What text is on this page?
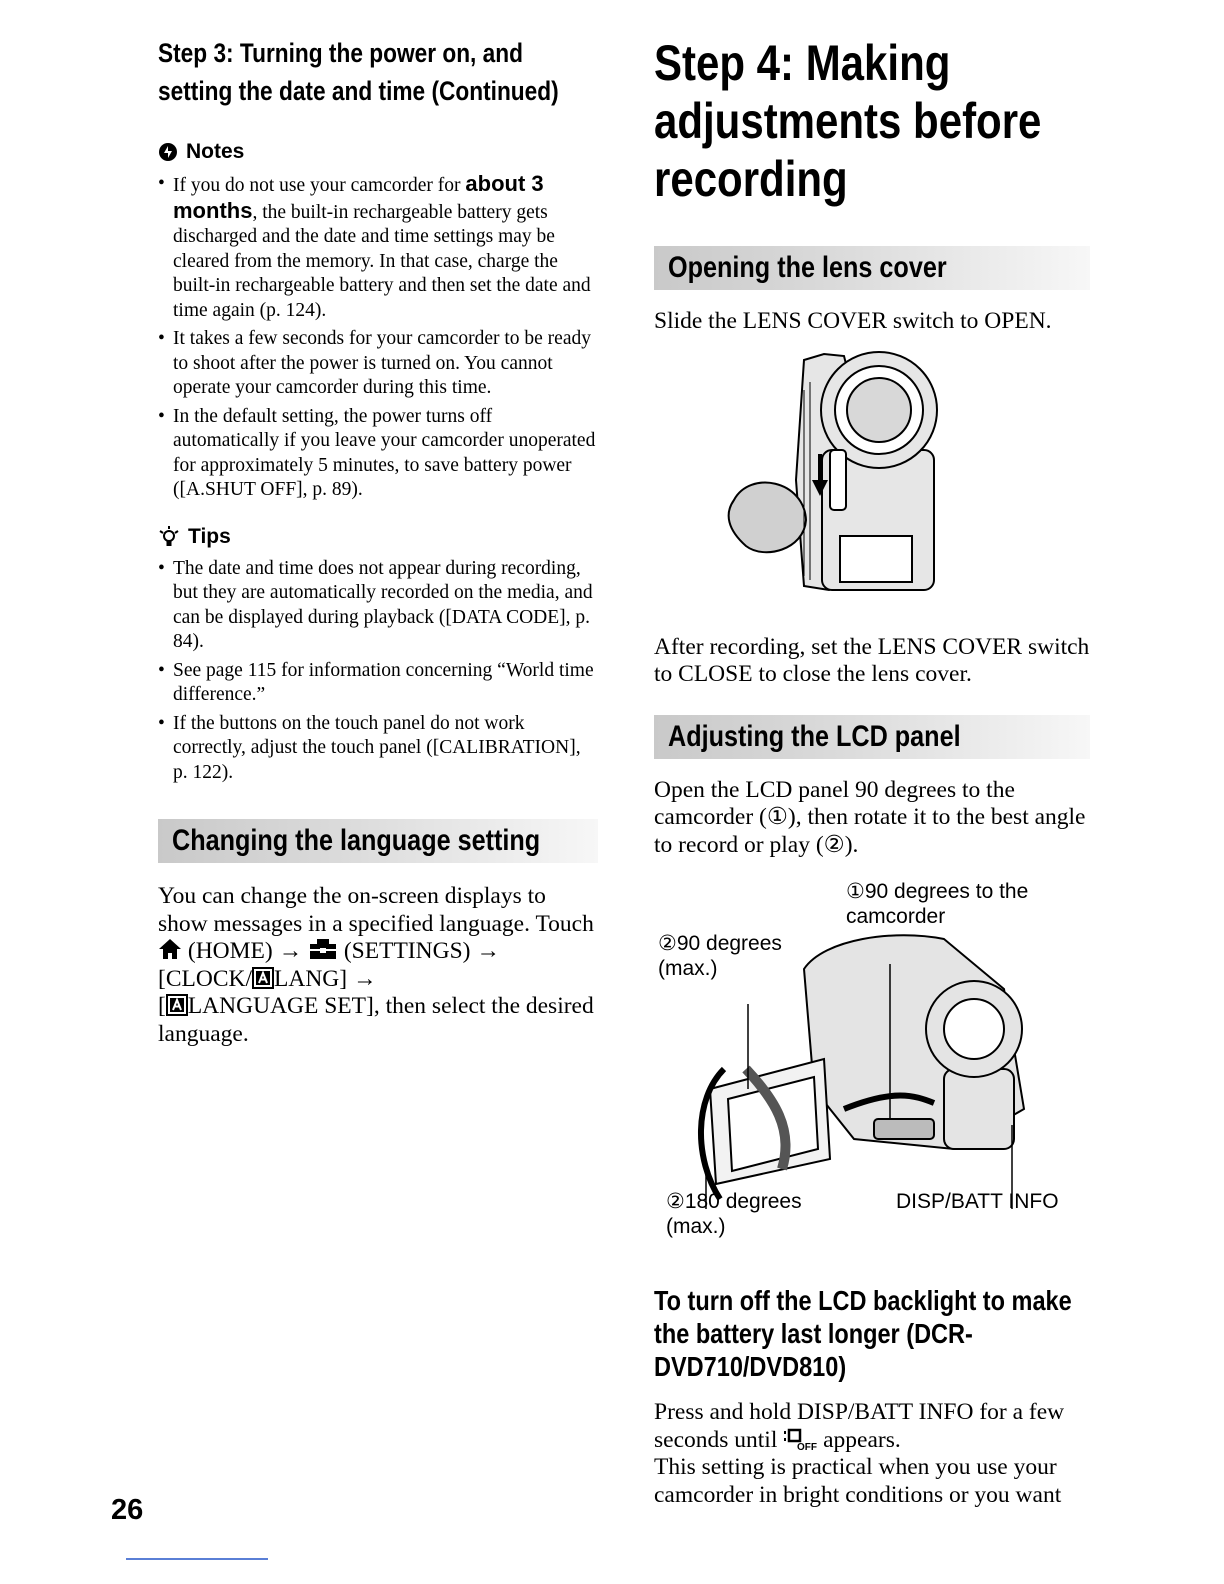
Step 3: Turning the power on, and setting the date and time (Continued)
Notes
• If you do not use your camcorder for about 3 months, the built-in rechargeable battery gets discharged and the date and time settings may be cleared from the memory. In that case, charge the built-in rechargeable battery and then set the date and time again (p. 124).
• It takes a few seconds for your camcorder to be ready to shoot after the power is turned on. You cannot operate your camcorder during this time.
• In the default setting, the power turns off automatically if you leave your camcorder unoperated for approximately 5 minutes, to save battery power ([A.SHUT OFF], p. 89).
Tips
• The date and time does not appear during recording, but they are automatically recorded on the media, and can be displayed during playback ([DATA CODE], p. 84).
• See page 115 for information concerning “World time difference.”
• If the buttons on the touch panel do not work correctly, adjust the touch panel ([CALIBRATION], p. 122).
Changing the language setting

You can change the on-screen displays to show messages in a specified language. Touch  (HOME) → (SETTINGS) → [CLOCK/ LANG] →
[ LANGUAGE SET], then select the desired language.

Step 4: Making adjustments before recording
Opening the lens cover

Slide the LENS COVER switch to OPEN.

After recording, set the LENS COVER switch to CLOSE to close the lens cover.

Adjusting the LCD panel

Open the LCD panel 90 degrees to the camcorder (①), then rotate it to the best angle to record or play (②).

①90 degrees to the
camcorder
②90 degrees
(max.)
②180 degrees
(max.)
DISP/BATT INFO
To turn off the LCD backlight to make the battery last longer (DCR-DVD710/DVD810)

Press and hold DISP/BATT INFO for a few seconds until OFF appears.
This setting is practical when you use your camcorder in bright conditions or you want

26
